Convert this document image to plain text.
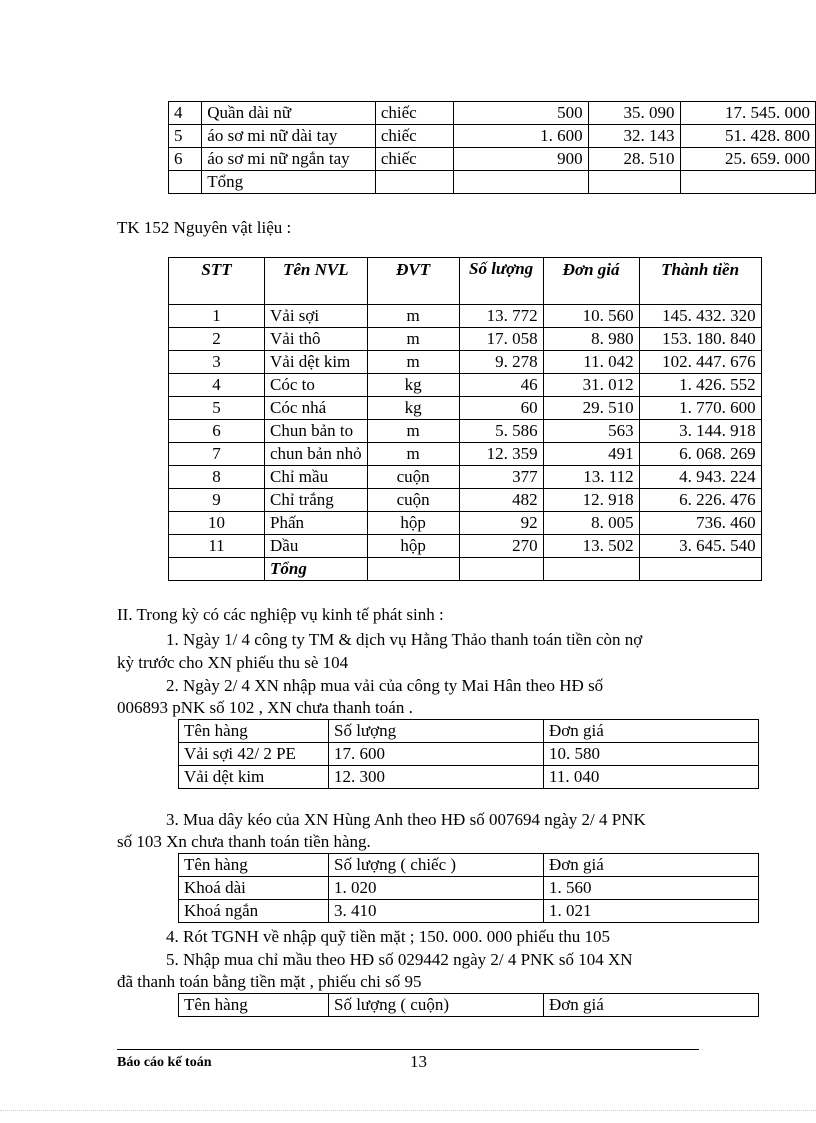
4	Quần dài nữ	chiếc	500	35. 090	17. 545. 000
5	áo sơ mi nữ dài tay	chiếc	1. 600	32. 143	51. 428. 800
6	áo sơ mi nữ ngắn tay	chiếc	900	28. 510	25. 659. 000
	Tổng				
TK 152 Nguyên vật liệu :
STT	Tên NVL	ĐVT	Số lượng	Đơn giá	Thành tiền
1	Vải sợi	m	13. 772	10. 560	145. 432. 320
2	Vải thô	m	17. 058	8. 980	153. 180. 840
3	Vải dệt kim	m	9. 278	11. 042	102. 447. 676
4	Cóc to	kg	46	31. 012	1. 426. 552
5	Cóc nhá	kg	60	29. 510	1. 770. 600
6	Chun bản to	m	5. 586	563	3. 144. 918
7	chun bản nhỏ	m	12. 359	491	6. 068. 269
8	Chỉ mầu	cuộn	377	13. 112	4. 943. 224
9	Chỉ trắng	cuộn	482	12. 918	6. 226. 476
10	Phấn	hộp	92	8. 005	736. 460
11	Dầu	hộp	270	13. 502	3. 645. 540
	Tổng				
II. Trong kỳ có các nghiệp vụ kinh tế phát sinh :
1. Ngày 1/ 4 công ty TM & dịch vụ Hằng Thảo thanh toán tiền còn nợ
kỳ trước cho XN phiếu thu sè 104
2. Ngày 2/ 4 XN nhập mua vải của công ty Mai Hân theo HĐ số
006893 pNK số 102 , XN chưa thanh toán .
Tên hàng	Số lượng	Đơn giá
Vải sợi 42/ 2 PE	17. 600	10. 580
Vải dệt kim	12. 300	11. 040
3. Mua dây kéo của XN Hùng Anh theo HĐ số 007694 ngày 2/ 4 PNK
số 103 Xn chưa thanh toán tiền hàng.
Tên hàng	Số lượng ( chiếc )	Đơn giá
Khoá dài	1. 020	1. 560
Khoá ngắn	3. 410	1. 021
4. Rót TGNH về nhập quỹ tiền mặt ; 150. 000. 000 phiếu thu 105
5. Nhập mua chỉ mầu theo HĐ số 029442 ngày 2/ 4 PNK số 104 XN
đã thanh toán bằng tiền mặt , phiếu chi số 95
Tên hàng	Số lượng ( cuộn)	Đơn giá
Báo cáo kế toán	13
